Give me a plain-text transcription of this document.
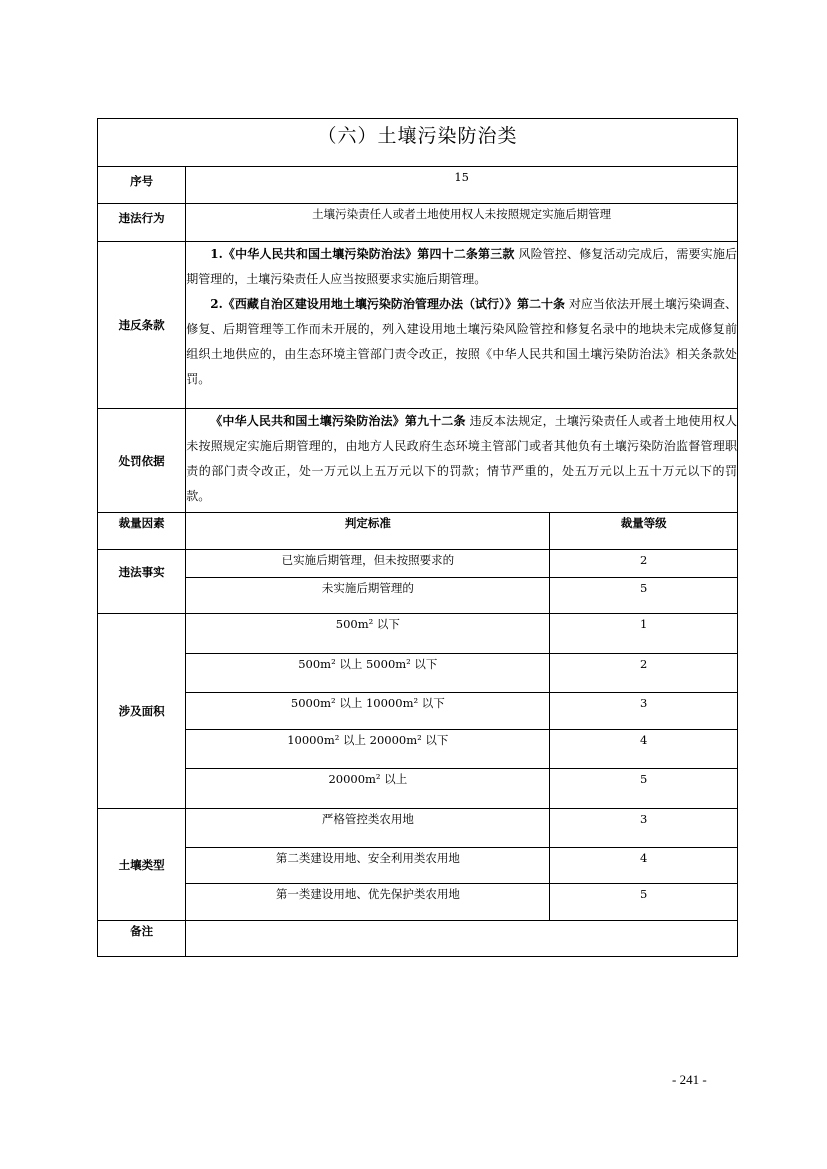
（六）土壤污染防治类		
序号	15	
违法行为	土壤污染责任人或者土地使用权人未按照规定实施后期管理	
违反条款	1.《中华人民共和国土壤污染防治法》第四十二条第三款 风险管控、修复活动完成后，需要实施后期管理的，土壤污染责任人应当按照要求实施后期管理。

2.《西藏自治区建设用地土壤污染防治管理办法（试行）》第二十条 对应当依法开展土壤污染调查、修复、后期管理等工作而未开展的，列入建设用地土壤污染风险管控和修复名录中的地块未完成修复前组织土地供应的，由生态环境主管部门责令改正，按照《中华人民共和国土壤污染防治法》相关条款处罚。	

处罚依据	《中华人民共和国土壤污染防治法》第九十二条 违反本法规定，土壤污染责任人或者土地使用权人未按照规定实施后期管理的，由地方人民政府生态环境主管部门或者其他负有土壤污染防治监督管理职责的部门责令改正，处一万元以上五万元以下的罚款；情节严重的，处五万元以上五十万元以下的罚款。	

裁量因素	判定标准	裁量等级
违法事实	已实施后期管理，但未按照要求的	2
	未实施后期管理的	5
涉及面积	500m² 以下	1
	500m² 以上 5000m² 以下	2
	5000m² 以上 10000m² 以下	3
	10000m² 以上 20000m² 以下	4
	20000m² 以上	5
土壤类型	严格管控类农用地	3
	第二类建设用地、安全利用类农用地	4
	第一类建设用地、优先保护类农用地	5
备注		
- 241 -
